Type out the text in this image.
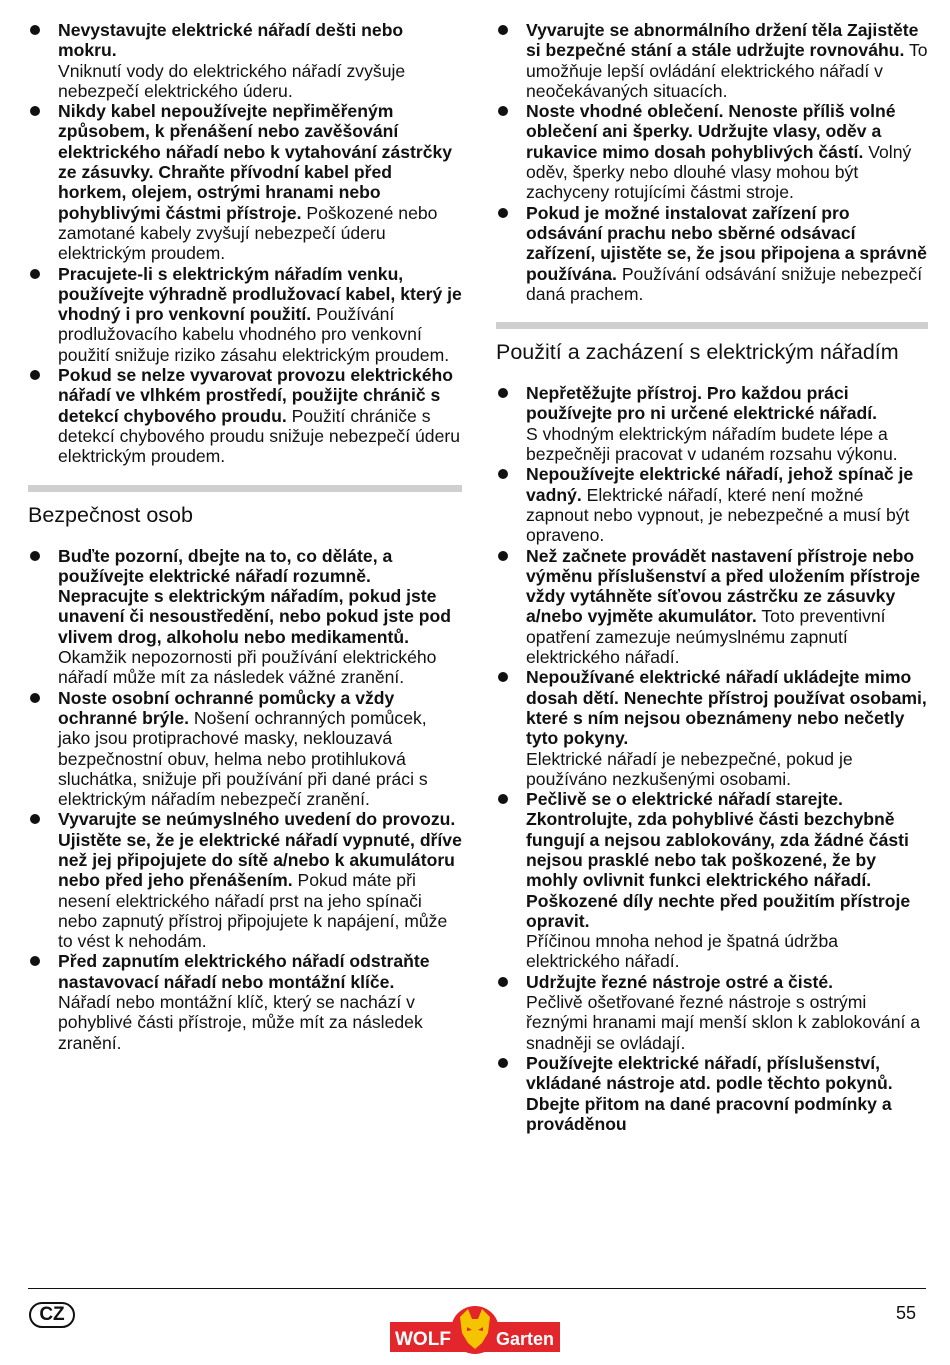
Nevystavujte elektrické nářadí dešti nebo mokru.
Vniknutí vody do elektrického nářadí zvyšuje nebezpečí elektrického úderu.
Nikdy kabel nepoužívejte nepřiměřeným způsobem, k přenášení nebo zavěšování elektrického nářadí nebo k vytahování zástrčky ze zásuvky. Chraňte přívodní kabel před horkem, olejem, ostrými hranami nebo pohyblivými částmi přístroje. Poškozené nebo zamotané kabely zvyšují nebezpečí úderu elektrickým proudem.
Pracujete-li s elektrickým nářadím venku, používejte výhradně prodlužovací kabel, který je vhodný i pro venkovní použití. Používání prodlužovacího kabelu vhodného pro venkovní použití snižuje riziko zásahu elektrickým proudem.
Pokud se nelze vyvarovat provozu elektrického nářadí ve vlhkém prostředí, použijte chránič s detekcí chybového proudu. Použití chrániče s detekcí chybového proudu snižuje nebezpečí úderu elektrickým proudem.
Bezpečnost osob
Buďte pozorní, dbejte na to, co děláte, a používejte elektrické nářadí rozumně. Nepracujte s elektrickým nářadím, pokud jste unavení či nesoustředění, nebo pokud jste pod vlivem drog, alkoholu nebo medikamentů. Okamžik nepozornosti při používání elektrického nářadí může mít za následek vážné zranění.
Noste osobní ochranné pomůcky a vždy ochranné brýle. Nošení ochranných pomůcek, jako jsou protiprachové masky, neklouzavá bezpečnostní obuv, helma nebo protihluková sluchátka, snižuje při používání při dané práci s elektrickým nářadím nebezpečí zranění.
Vyvarujte se neúmyslného uvedení do provozu. Ujistěte se, že je elektrické nářadí vypnuté, dříve než jej připojujete do sítě a/nebo k akumulátoru nebo před jeho přenášením. Pokud máte při nesení elektrického nářadí prst na jeho spínači nebo zapnutý přístroj připojujete k napájení, může to vést k nehodám.
Před zapnutím elektrického nářadí odstraňte nastavovací nářadí nebo montážní klíče.
Nářadí nebo montážní klíč, který se nachází v pohyblivé části přístroje, může mít za následek zranění.
Vyvarujte se abnormálního držení těla Zajistěte si bezpečné stání a stále udržujte rovnováhu. To umožňuje lepší ovládání elektrického nářadí v neočekávaných situacích.
Noste vhodné oblečení. Nenoste příliš volné oblečení ani šperky. Udržujte vlasy, oděv a rukavice mimo dosah pohyblivých částí. Volný oděv, šperky nebo dlouhé vlasy mohou být zachyceny rotujícími částmi stroje.
Pokud je možné instalovat zařízení pro odsávání prachu nebo sběrné odsávací zařízení, ujistěte se, že jsou připojena a správně používána. Používání odsávání snižuje nebezpečí daná prachem.
Použití a zacházení s elektrickým nářadím
Nepřetěžujte přístroj. Pro každou práci používejte pro ni určené elektrické nářadí.
S vhodným elektrickým nářadím budete lépe a bezpečněji pracovat v udaném rozsahu výkonu.
Nepoužívejte elektrické nářadí, jehož spínač je vadný. Elektrické nářadí, které není možné zapnout nebo vypnout, je nebezpečné a musí být opraveno.
Než začnete provádět nastavení přístroje nebo výměnu příslušenství a před uložením přístroje vždy vytáhněte síťovou zástrčku ze zásuvky a/nebo vyjměte akumulátor. Toto preventivní opatření zamezuje neúmyslnému zapnutí elektrického nářadí.
Nepoužívané elektrické nářadí ukládejte mimo dosah dětí. Nenechte přístroj používat osobami, které s ním nejsou obeznámeny nebo nečetly tyto pokyny.
Elektrické nářadí je nebezpečné, pokud je používáno nezkušenými osobami.
Pečlivě se o elektrické nářadí starejte. Zkontrolujte, zda pohyblivé části bezchybně fungují a nejsou zablokovány, zda žádné části nejsou prasklé nebo tak poškozené, že by mohly ovlivnit funkci elektrického nářadí. Poškozené díly nechte před použitím přístroje opravit.
Příčinou mnoha nehod je špatná údržba elektrického nářadí.
Udržujte řezné nástroje ostré a čisté.
Pečlivě ošetřované řezné nástroje s ostrými řeznými hranami mají menší sklon k zablokování a snadněji se ovládají.
Používejte elektrické nářadí, příslušenství, vkládané nástroje atd. podle těchto pokynů. Dbejte přitom na dané pracovní podmínky a prováděnou
CZ	55
WOLF	Garten
